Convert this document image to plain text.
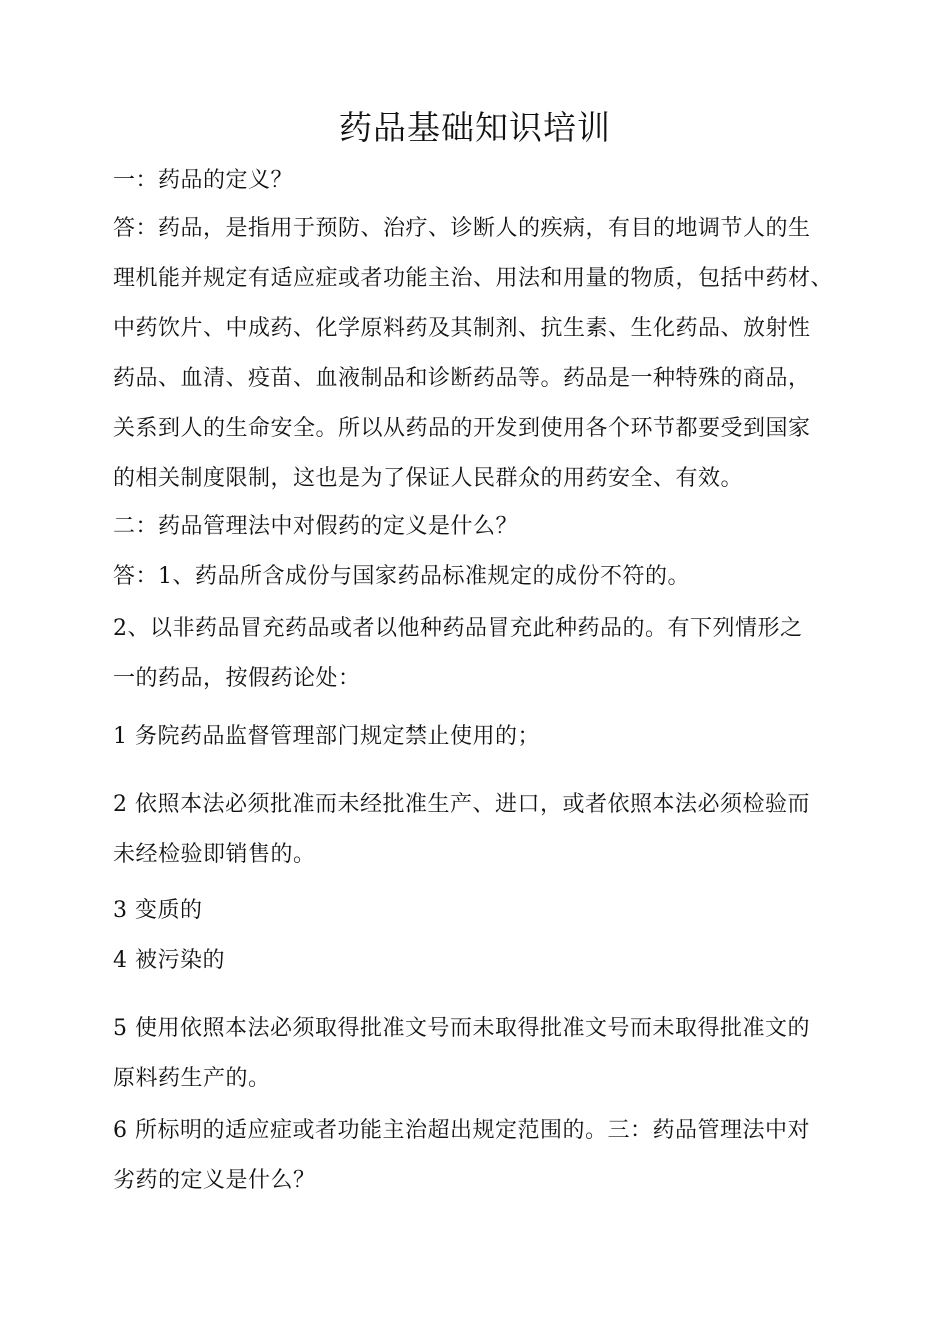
药品基础知识培训
一：药品的定义？
答：药品，是指用于预防、治疗、诊断人的疾病，有目的地调节人的生
理机能并规定有适应症或者功能主治、用法和用量的物质，包括中药材、
中药饮片、中成药、化学原料药及其制剂、抗生素、生化药品、放射性
药品、血清、疫苗、血液制品和诊断药品等。药品是一种特殊的商品，
关系到人的生命安全。所以从药品的开发到使用各个环节都要受到国家
的相关制度限制，这也是为了保证人民群众的用药安全、有效。
二：药品管理法中对假药的定义是什么？
答：1、药品所含成份与国家药品标准规定的成份不符的。
2、以非药品冒充药品或者以他种药品冒充此种药品的。有下列情形之
一的药品，按假药论处：
1 务院药品监督管理部门规定禁止使用的；
2 依照本法必须批准而未经批准生产、进口，或者依照本法必须检验而
未经检验即销售的。
3 变质的
4 被污染的
5 使用依照本法必须取得批准文号而未取得批准文号而未取得批准文的
原料药生产的。
6 所标明的适应症或者功能主治超出规定范围的。三：药品管理法中对
劣药的定义是什么？
